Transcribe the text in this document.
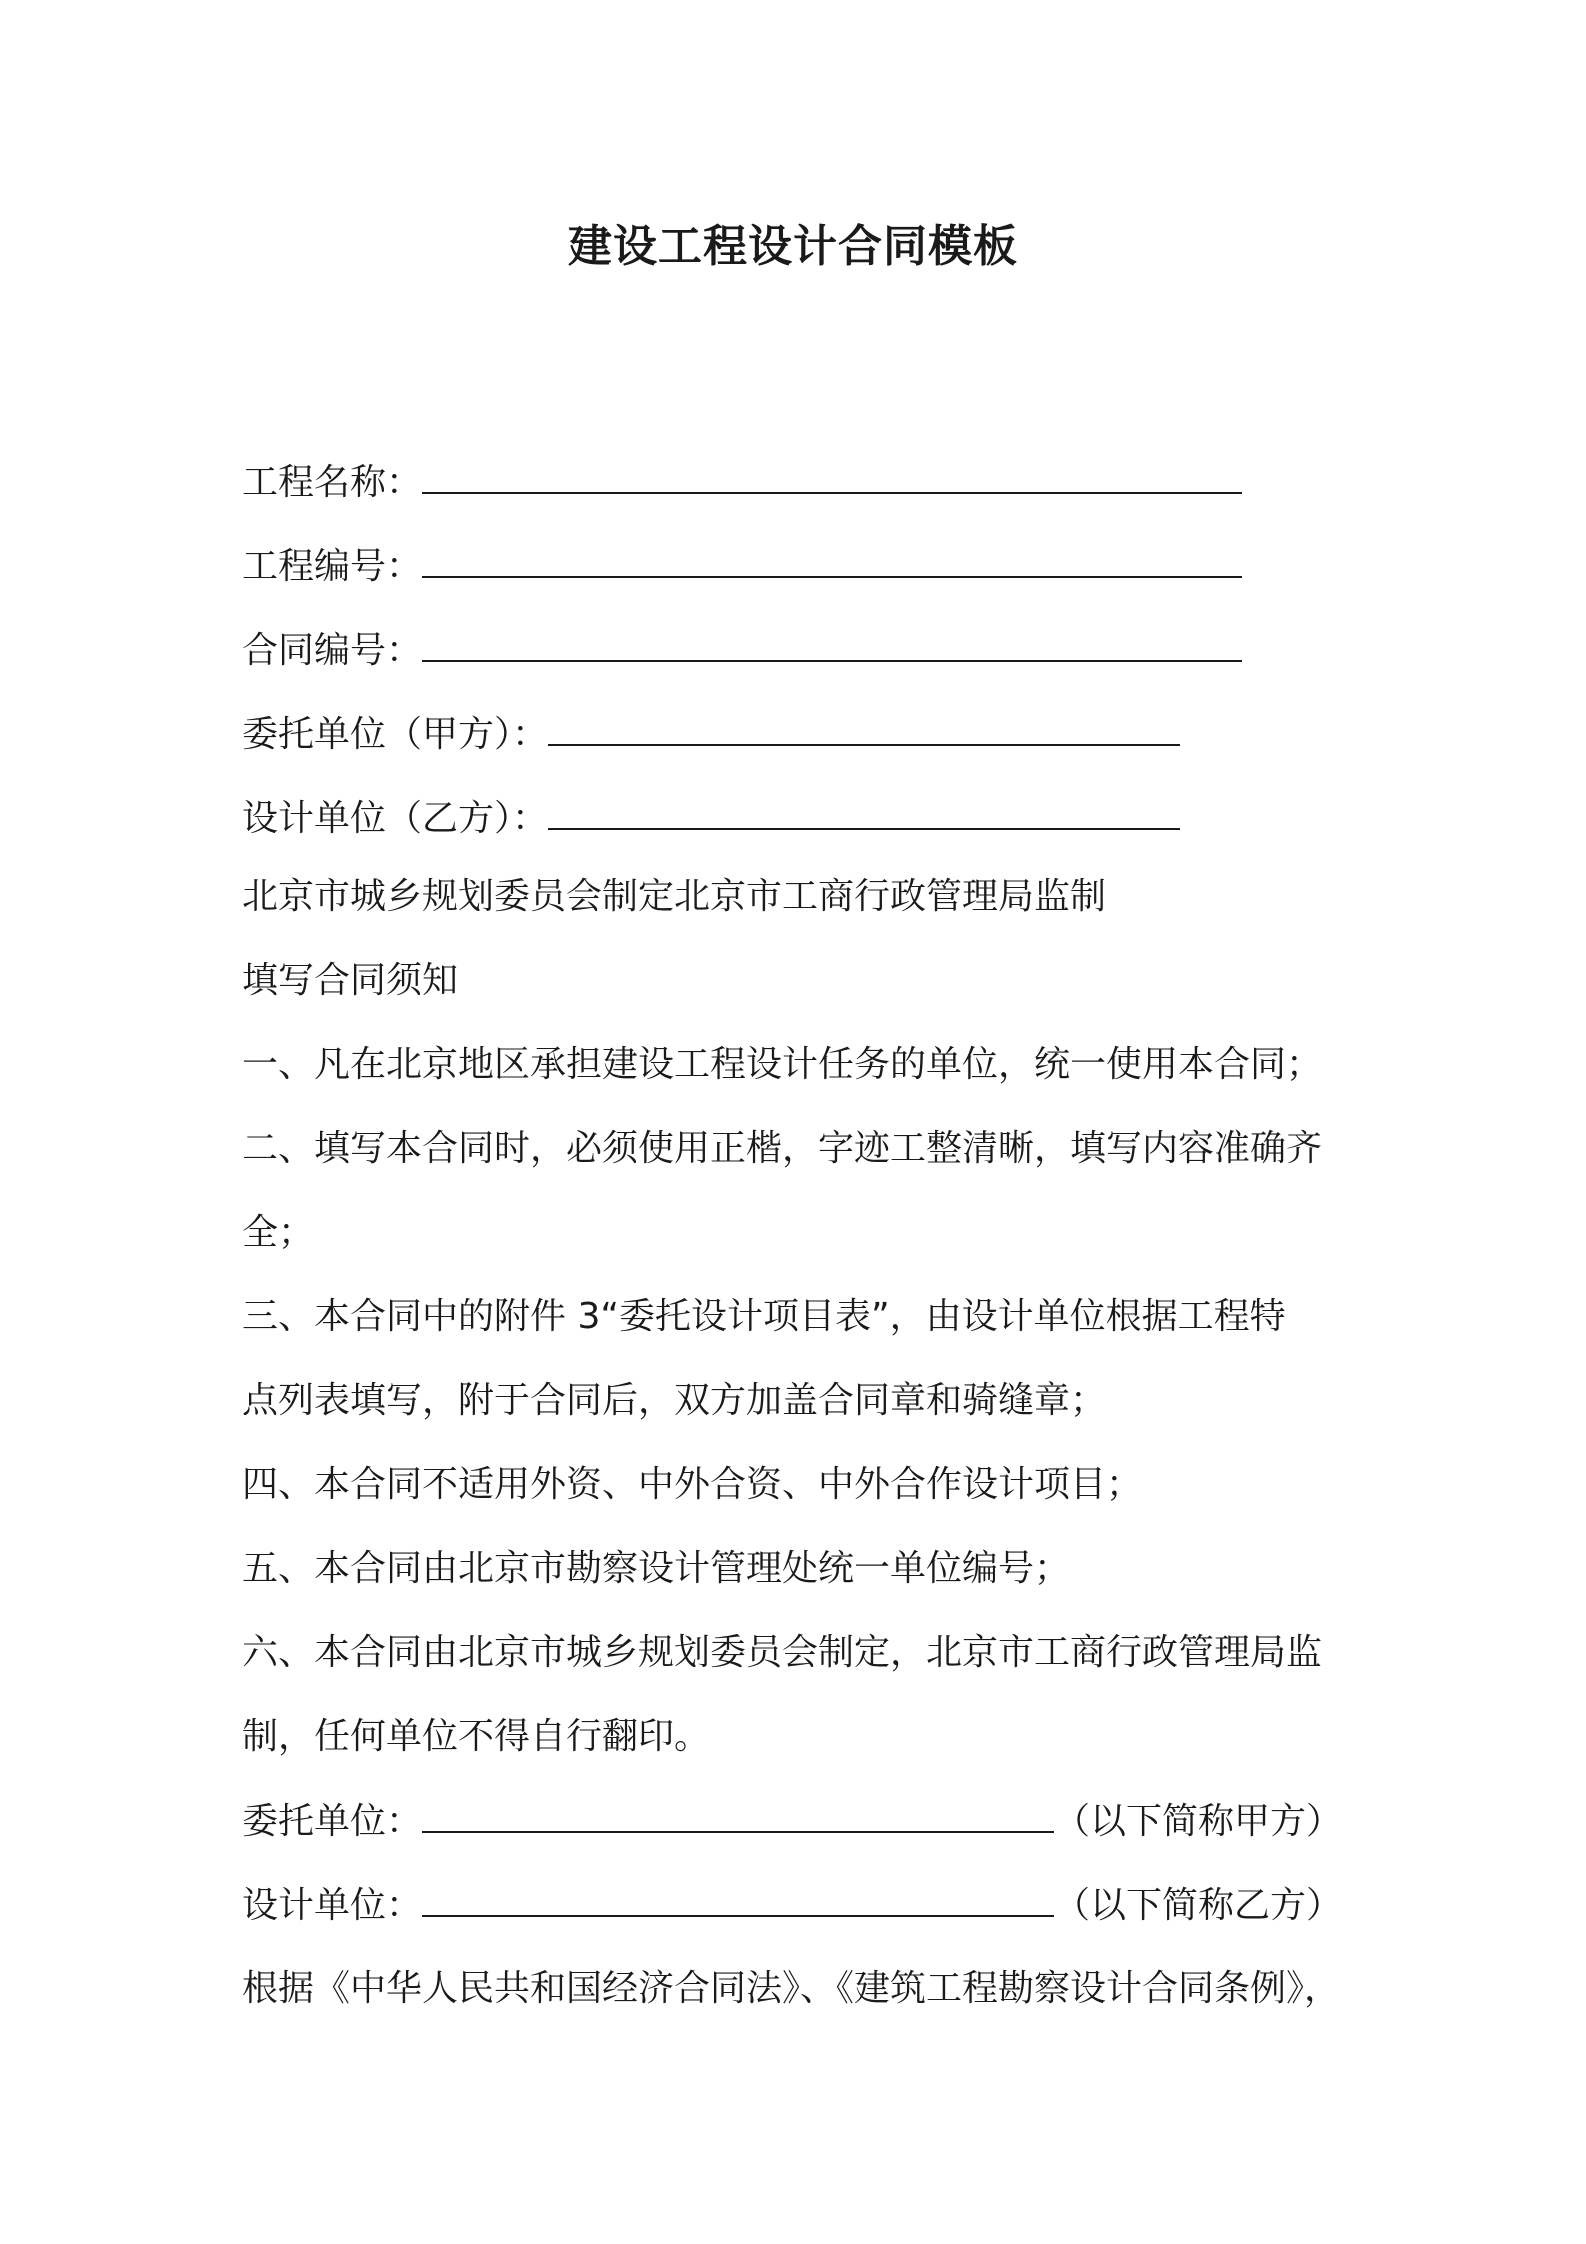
建设工程设计合同模板
工程名称：
工程编号：
合同编号：
委托单位（甲方）：
设计单位（乙方）：
北京市城乡规划委员会制定北京市工商行政管理局监制
填写合同须知
一、凡在北京地区承担建设工程设计任务的单位，统一使用本合同；
二、填写本合同时，必须使用正楷，字迹工整清晰，填写内容准确齐
全；
三、本合同中的附件 3“委托设计项目表”，由设计单位根据工程特
点列表填写，附于合同后，双方加盖合同章和骑缝章；
四、本合同不适用外资、中外合资、中外合作设计项目；
五、本合同由北京市勘察设计管理处统一单位编号；
六、本合同由北京市城乡规划委员会制定，北京市工商行政管理局监
制，任何单位不得自行翻印。
委托单位：	（以下简称甲方）
设计单位：	（以下简称乙方）
根据《中华人民共和国经济合同法》、《建筑工程勘察设计合同条例》，
